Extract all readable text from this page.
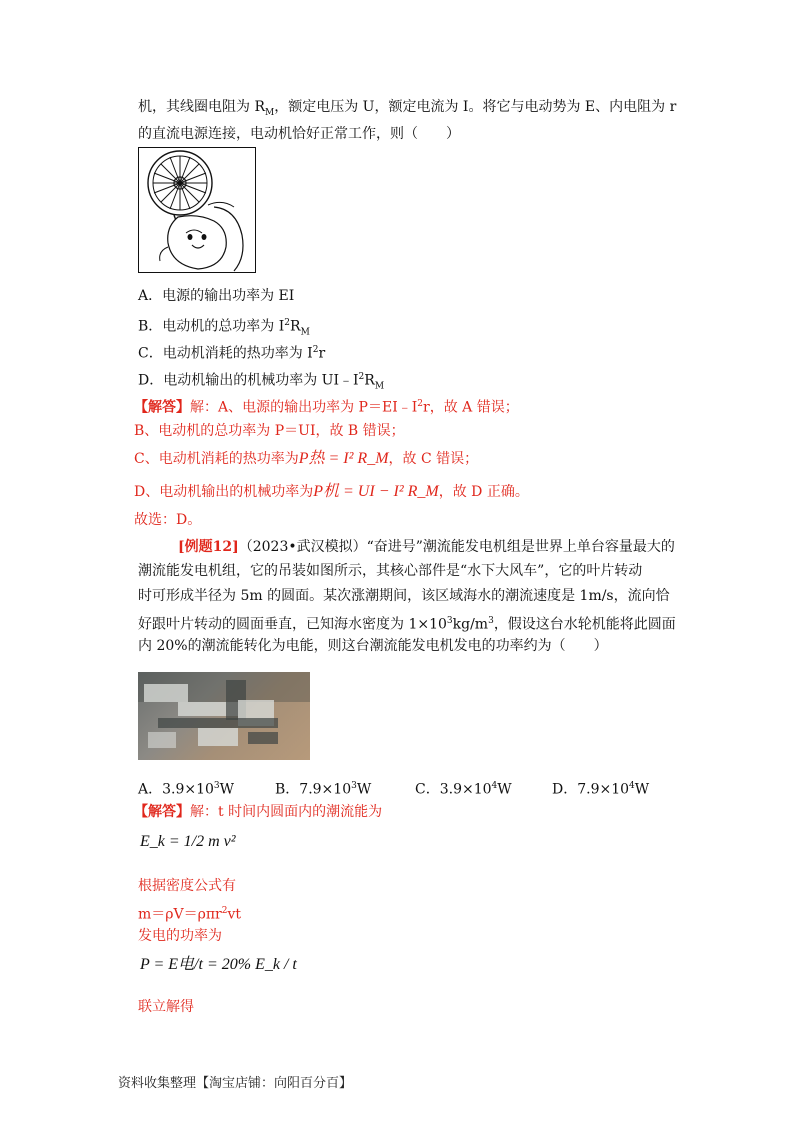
机，其线圈电阻为 $R_M$，额定电压为 U，额定电流为 I。将它与电动势为 E、内电阻为 r
的直流电源连接，电动机恰好正常工作，则（　　）
A．电源的输出功率为 EI
B．电动机的总功率为 $I^2R_M$
C．电动机消耗的热功率为 $I^2r$
D．电动机输出的机械功率为 $UI﹣I^2R_M$
【解答】解：A、电源的输出功率为 $P=EI﹣I^2r$，故 A 错误；
B、电动机的总功率为 P＝UI，故 B 错误；
C、电动机消耗的热功率为P热 = I² R_M，故 C 错误；
D、电动机输出的机械功率为P机 = UI − I² R_M，故 D 正确。
故选：D。
[例题12]（2023•武汉模拟）“奋进号”潮流能发电机组是世界上单台容量最大的
潮流能发电机组，它的吊装如图所示，其核心部件是“水下大风车”，它的叶片转动
时可形成半径为 5m 的圆面。某次涨潮期间，该区域海水的潮流速度是 1m/s，流向恰
好跟叶片转动的圆面垂直，已知海水密度为 $1\times 10^3kg/m^3$，假设这台水轮机能将此圆面
内 20%的潮流能转化为电能，则这台潮流能发电机发电的功率约为（　　）
A．$3.9\times 10^3W$	B．$7.9\times 10^3W$	C．$3.9\times 10^4W$	D．$7.9\times 10^4W$
【解答】解：t 时间内圆面内的潮流能为
E_k = 1/2 m v²
根据密度公式有
m＝ρV＝ρπr$^2$vt
发电的功率为
P = E电/t = 20% E_k / t
联立解得
资料收集整理【淘宝店铺：向阳百分百】
